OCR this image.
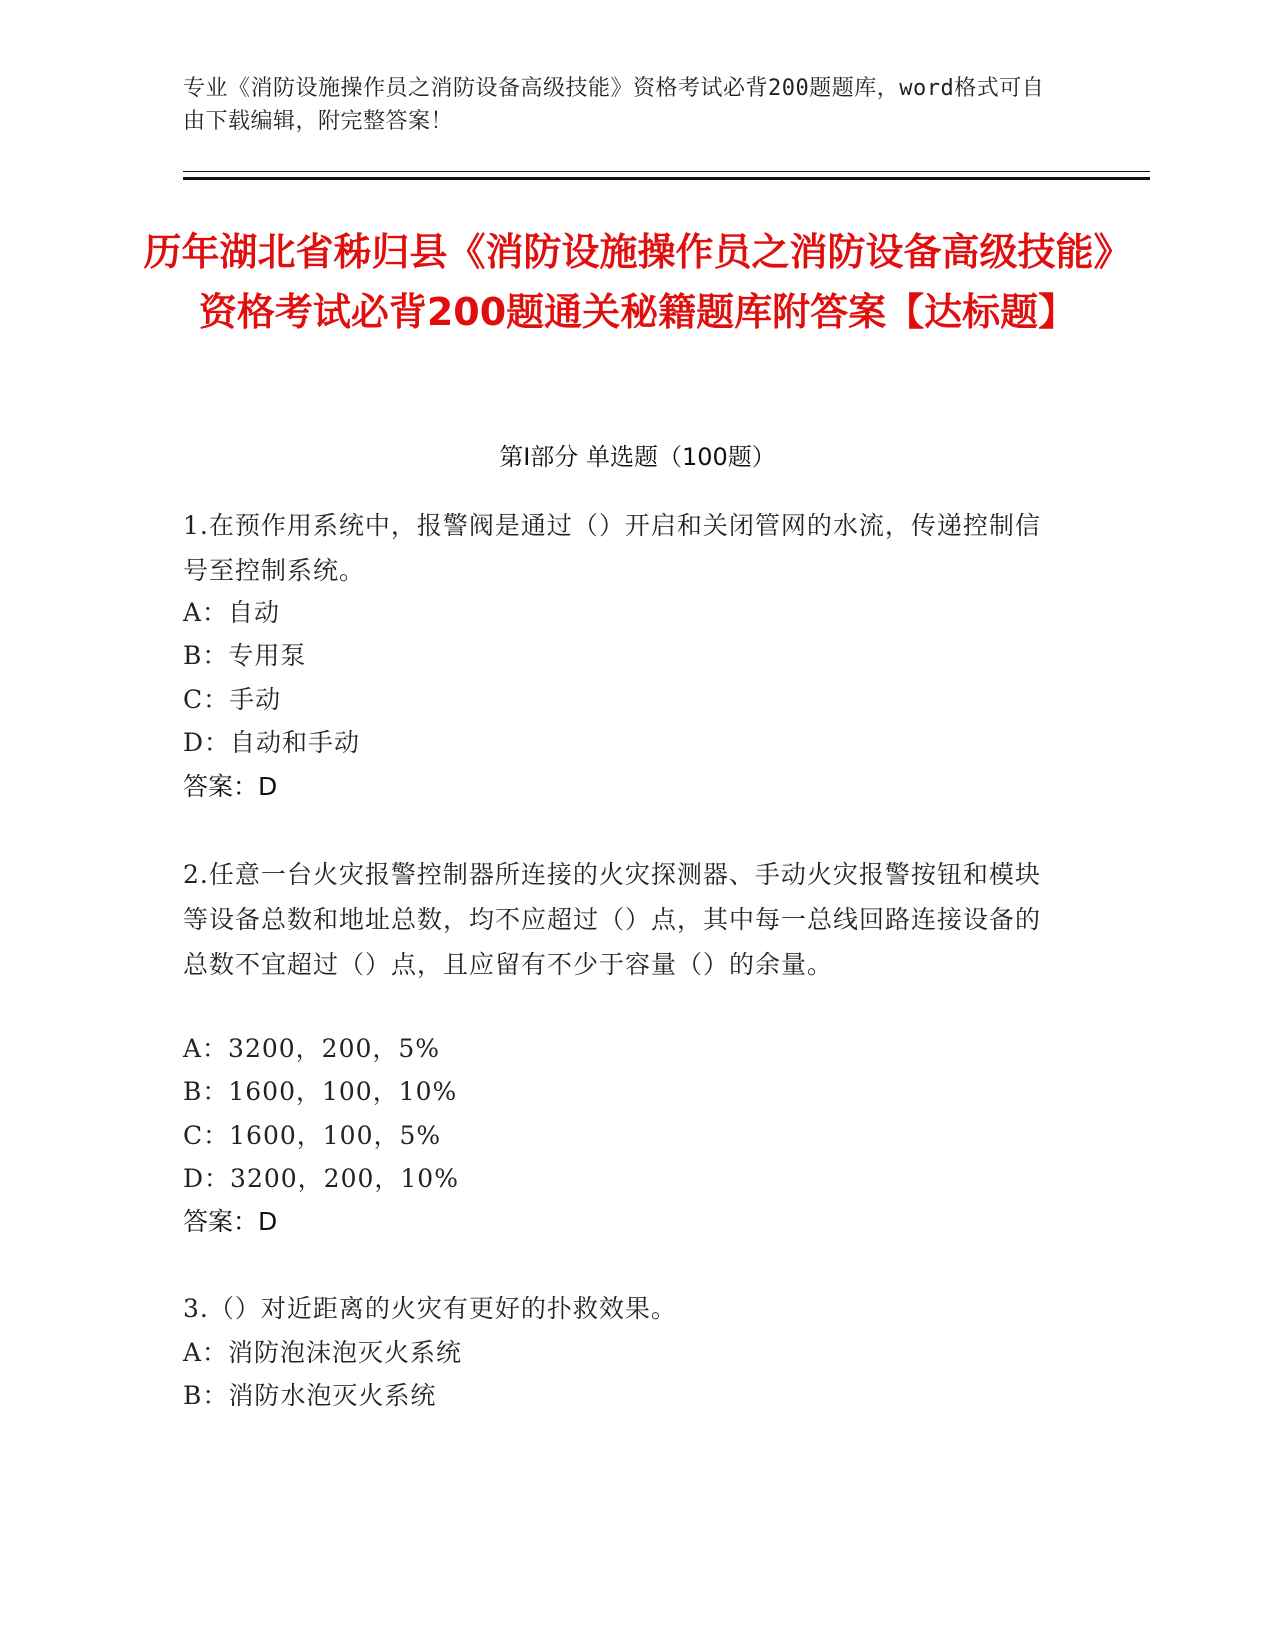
专业《消防设施操作员之消防设备高级技能》资格考试必背200题题库，word格式可自由下载编辑，附完整答案！
历年湖北省秭归县《消防设施操作员之消防设备高级技能》资格考试必背200题通关秘籍题库附答案【达标题】
第I部分 单选题（100题）
1.在预作用系统中，报警阀是通过（）开启和关闭管网的水流，传递控制信号至控制系统。
A：自动
B：专用泵
C：手动
D：自动和手动
答案：D
2.任意一台火灾报警控制器所连接的火灾探测器、手动火灾报警按钮和模块等设备总数和地址总数，均不应超过（）点，其中每一总线回路连接设备的总数不宜超过（）点，且应留有不少于容量（）的余量。
A：3200，200，5%
B：1600，100，10%
C：1600，100，5%
D：3200，200，10%
答案：D
3.（）对近距离的火灾有更好的扑救效果。
A：消防泡沫泡灭火系统
B：消防水泡灭火系统
